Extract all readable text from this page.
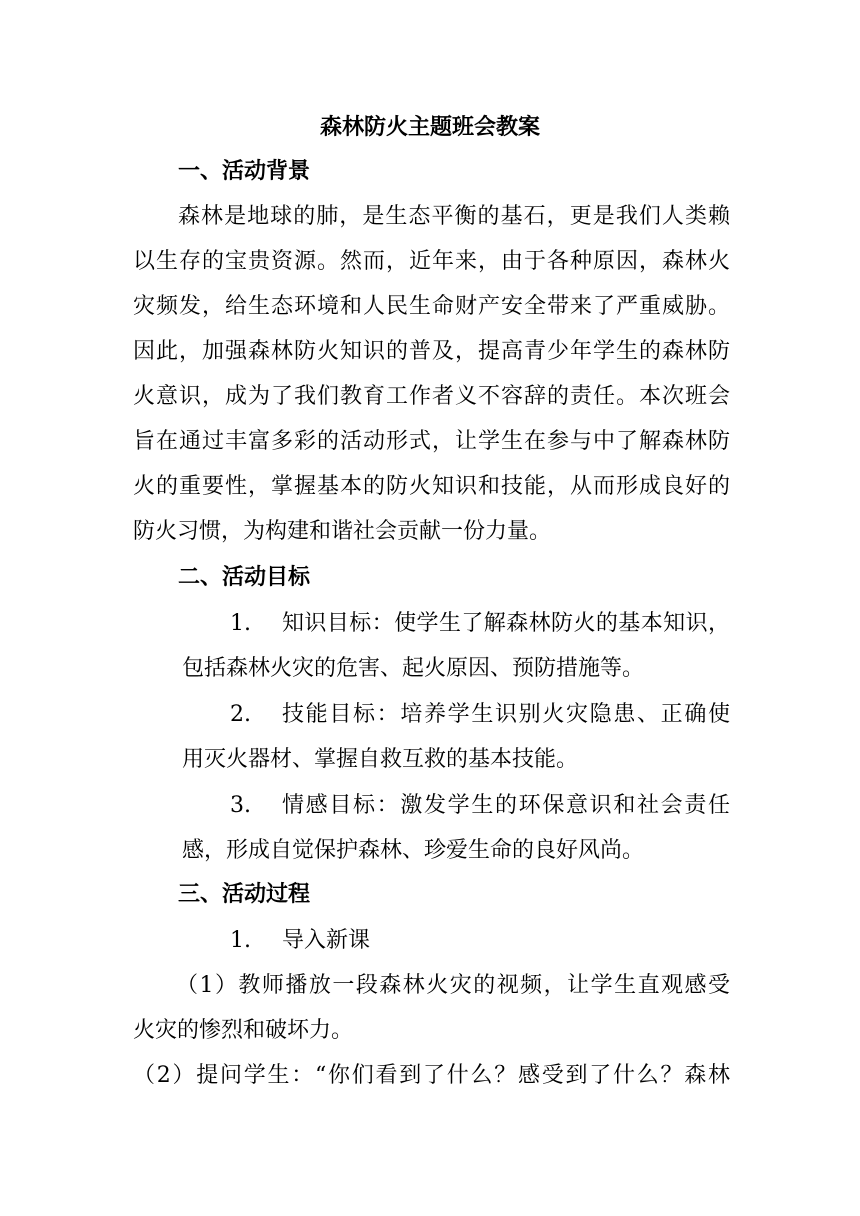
森林防火主题班会教案
一、活动背景
森林是地球的肺，是生态平衡的基石，更是我们人类赖
以生存的宝贵资源。然而，近年来，由于各种原因，森林火
灾频发，给生态环境和人民生命财产安全带来了严重威胁。
因此，加强森林防火知识的普及，提高青少年学生的森林防
火意识，成为了我们教育工作者义不容辞的责任。本次班会
旨在通过丰富多彩的活动形式，让学生在参与中了解森林防
火的重要性，掌握基本的防火知识和技能，从而形成良好的
防火习惯，为构建和谐社会贡献一份力量。
二、活动目标
1. 知识目标：使学生了解森林防火的基本知识，
包括森林火灾的危害、起火原因、预防措施等。
2. 技能目标：培养学生识别火灾隐患、正确使
用灭火器材、掌握自救互救的基本技能。
3. 情感目标：激发学生的环保意识和社会责任
感，形成自觉保护森林、珍爱生命的良好风尚。
三、活动过程
1. 导入新课
（1）教师播放一段森林火灾的视频，让学生直观感受
火灾的惨烈和破坏力。
（2）提问学生：“你们看到了什么？感受到了什么？森林
